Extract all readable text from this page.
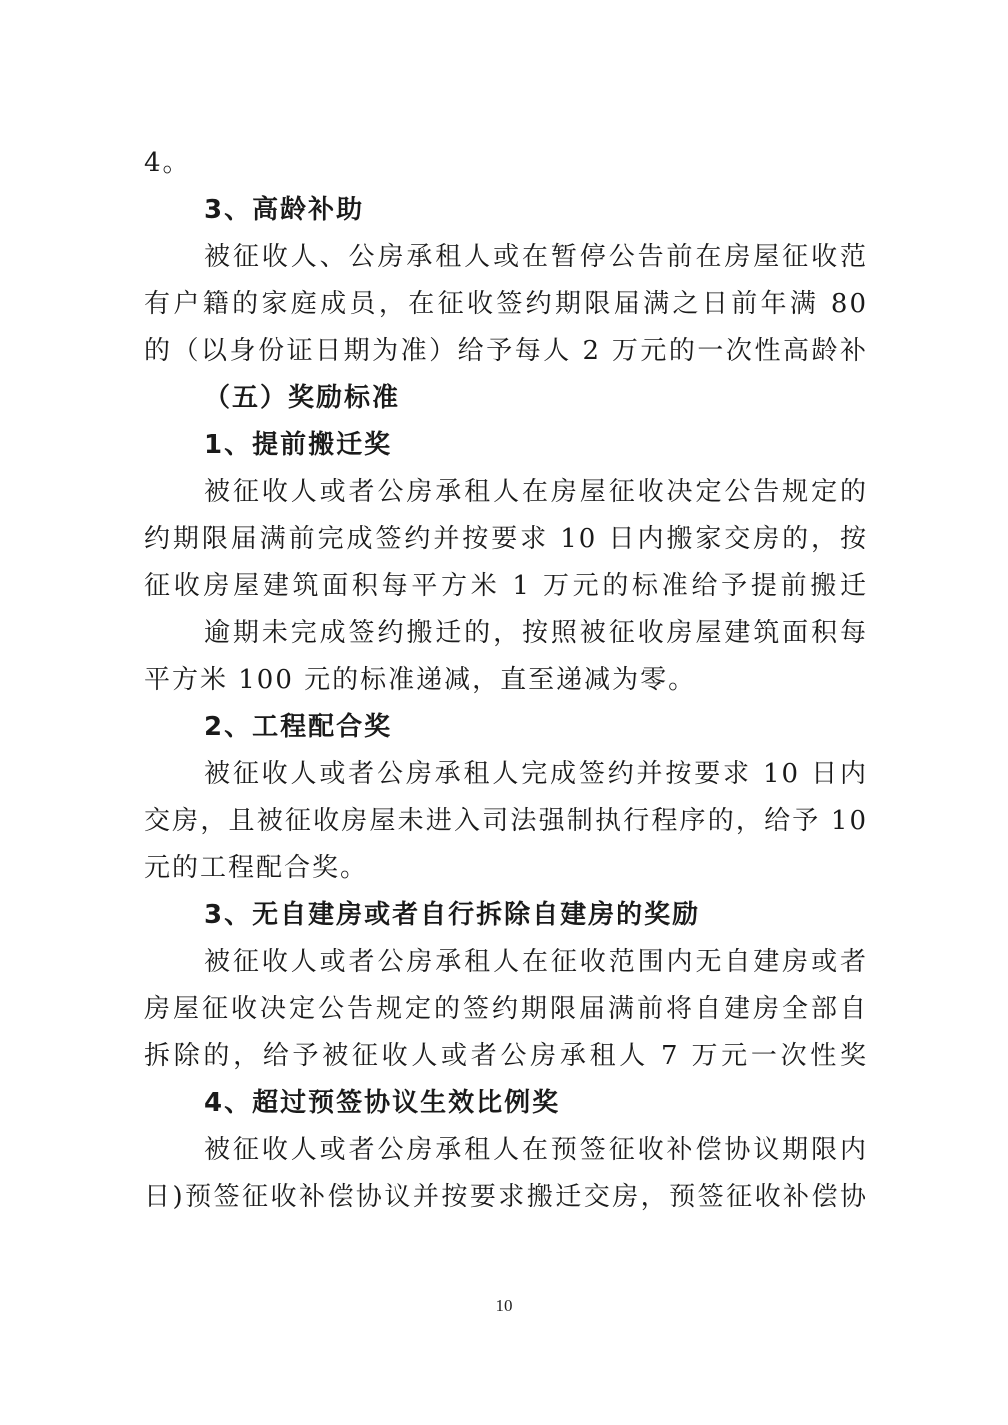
4。
3、高龄补助
被征收人、公房承租人或在暂停公告前在房屋征收范
有户籍的家庭成员，在征收签约期限届满之日前年满 80
的（以身份证日期为准）给予每人 2 万元的一次性高龄补
（五）奖励标准
1、提前搬迁奖
被征收人或者公房承租人在房屋征收决定公告规定的
约期限届满前完成签约并按要求 10 日内搬家交房的，按
征收房屋建筑面积每平方米 1 万元的标准给予提前搬迁
逾期未完成签约搬迁的，按照被征收房屋建筑面积每
平方米 100 元的标准递减，直至递减为零。
2、工程配合奖
被征收人或者公房承租人完成签约并按要求 10 日内
交房，且被征收房屋未进入司法强制执行程序的，给予 10
元的工程配合奖。
3、无自建房或者自行拆除自建房的奖励
被征收人或者公房承租人在征收范围内无自建房或者
房屋征收决定公告规定的签约期限届满前将自建房全部自
拆除的，给予被征收人或者公房承租人 7 万元一次性奖
4、超过预签协议生效比例奖
被征收人或者公房承租人在预签征收补偿协议期限内
日)预签征收补偿协议并按要求搬迁交房，预签征收补偿协
10
